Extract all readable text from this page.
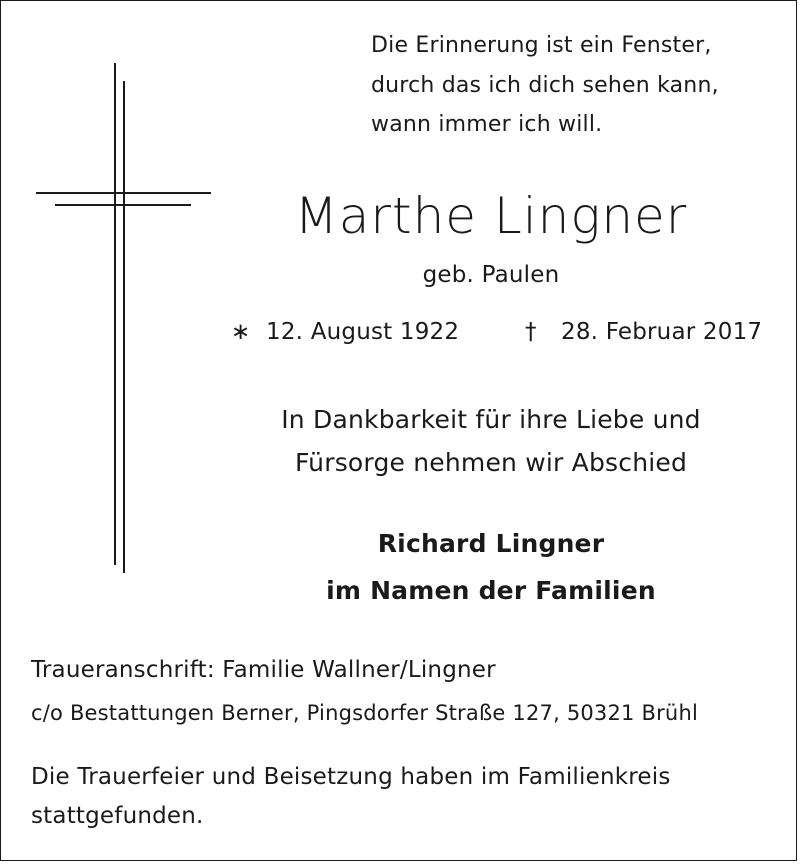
Die Erinnerung ist ein Fenster,
durch das ich dich sehen kann,
wann immer ich will.
Marthe Lingner
geb. Paulen
∗ 12. August 1922	† 28. Februar 2017
In Dankbarkeit für ihre Liebe und
Fürsorge nehmen wir Abschied
Richard Lingner
im Namen der Familien
Traueranschrift: Familie Wallner/Lingner
c/o Bestattungen Berner, Pingsdorfer Straße 127, 50321 Brühl
Die Trauerfeier und Beisetzung haben im Familienkreis
stattgefunden.
